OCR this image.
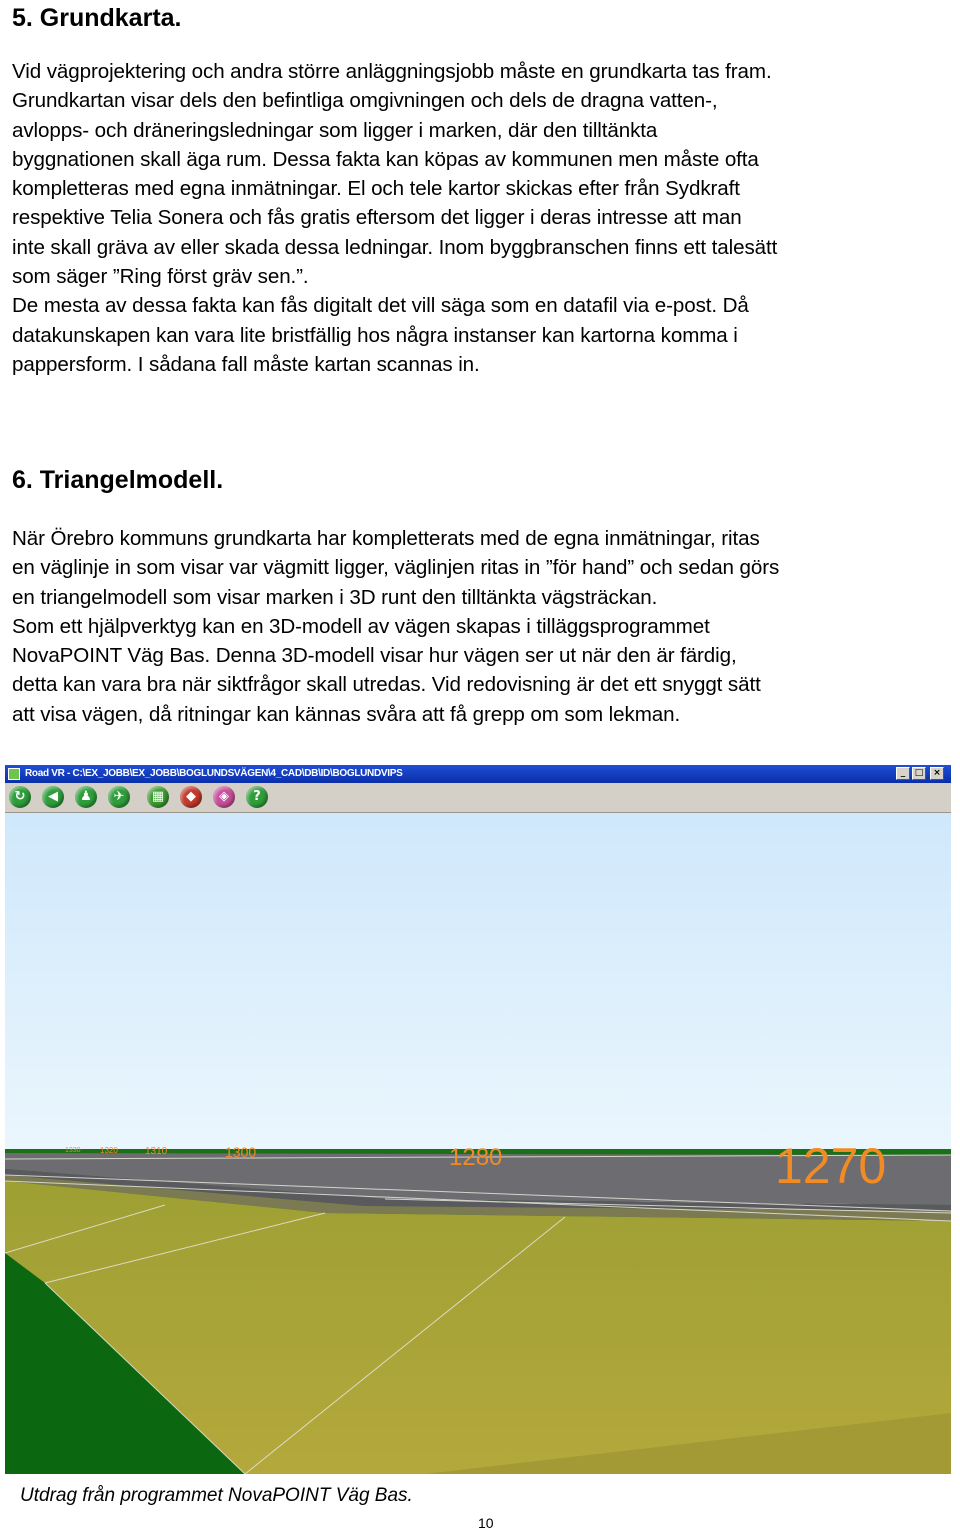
5. Grundkarta.

Vid vägprojektering och andra större anläggningsjobb måste en grundkarta tas fram.

Grundkartan visar dels den befintliga omgivningen och dels de dragna vatten-,

avlopps- och dräneringsledningar som ligger i marken, där den tilltänkta

byggnationen skall äga rum. Dessa fakta kan köpas av kommunen men måste ofta

kompletteras med egna inmätningar. El och tele kartor skickas efter från Sydkraft

respektive Telia Sonera och fås gratis eftersom det ligger i deras intresse att man

inte skall gräva av eller skada dessa ledningar. Inom byggbranschen finns ett talesätt

som säger ”Ring först gräv sen.”.

De mesta av dessa fakta kan fås digitalt det vill säga som en datafil via e-post. Då

datakunskapen kan vara lite bristfällig hos några instanser kan kartorna komma i

pappersform. I sådana fall måste kartan scannas in.

6. Triangelmodell.

När Örebro kommuns grundkarta har kompletterats med de egna inmätningar, ritas

en väglinje in som visar var vägmitt ligger, väglinjen ritas in ”för hand” och sedan görs

en triangelmodell som visar marken i 3D runt den tilltänkta vägsträckan.

Som ett hjälpverktyg kan en 3D-modell av vägen skapas i tilläggsprogrammet

NovaPOINT Väg Bas. Denna 3D-modell visar hur vägen ser ut när den är färdig,

detta kan vara bra när siktfrågor skall utredas. Vid redovisning är det ett snyggt sätt

att visa vägen, då ritningar kan kännas svåra att få grepp om som lekman.

Road VR - C:\EX_JOBB\EX_JOBB\BOGLUNDSVÄGEN\4_CAD\DB\ID\BOGLUNDVIPS	_	□	×
↻	◀	♟	✈	▦	◆	◈	?
1270
1280
1300
1310
1320
1330

Utdrag från programmet NovaPOINT Väg Bas.

10
